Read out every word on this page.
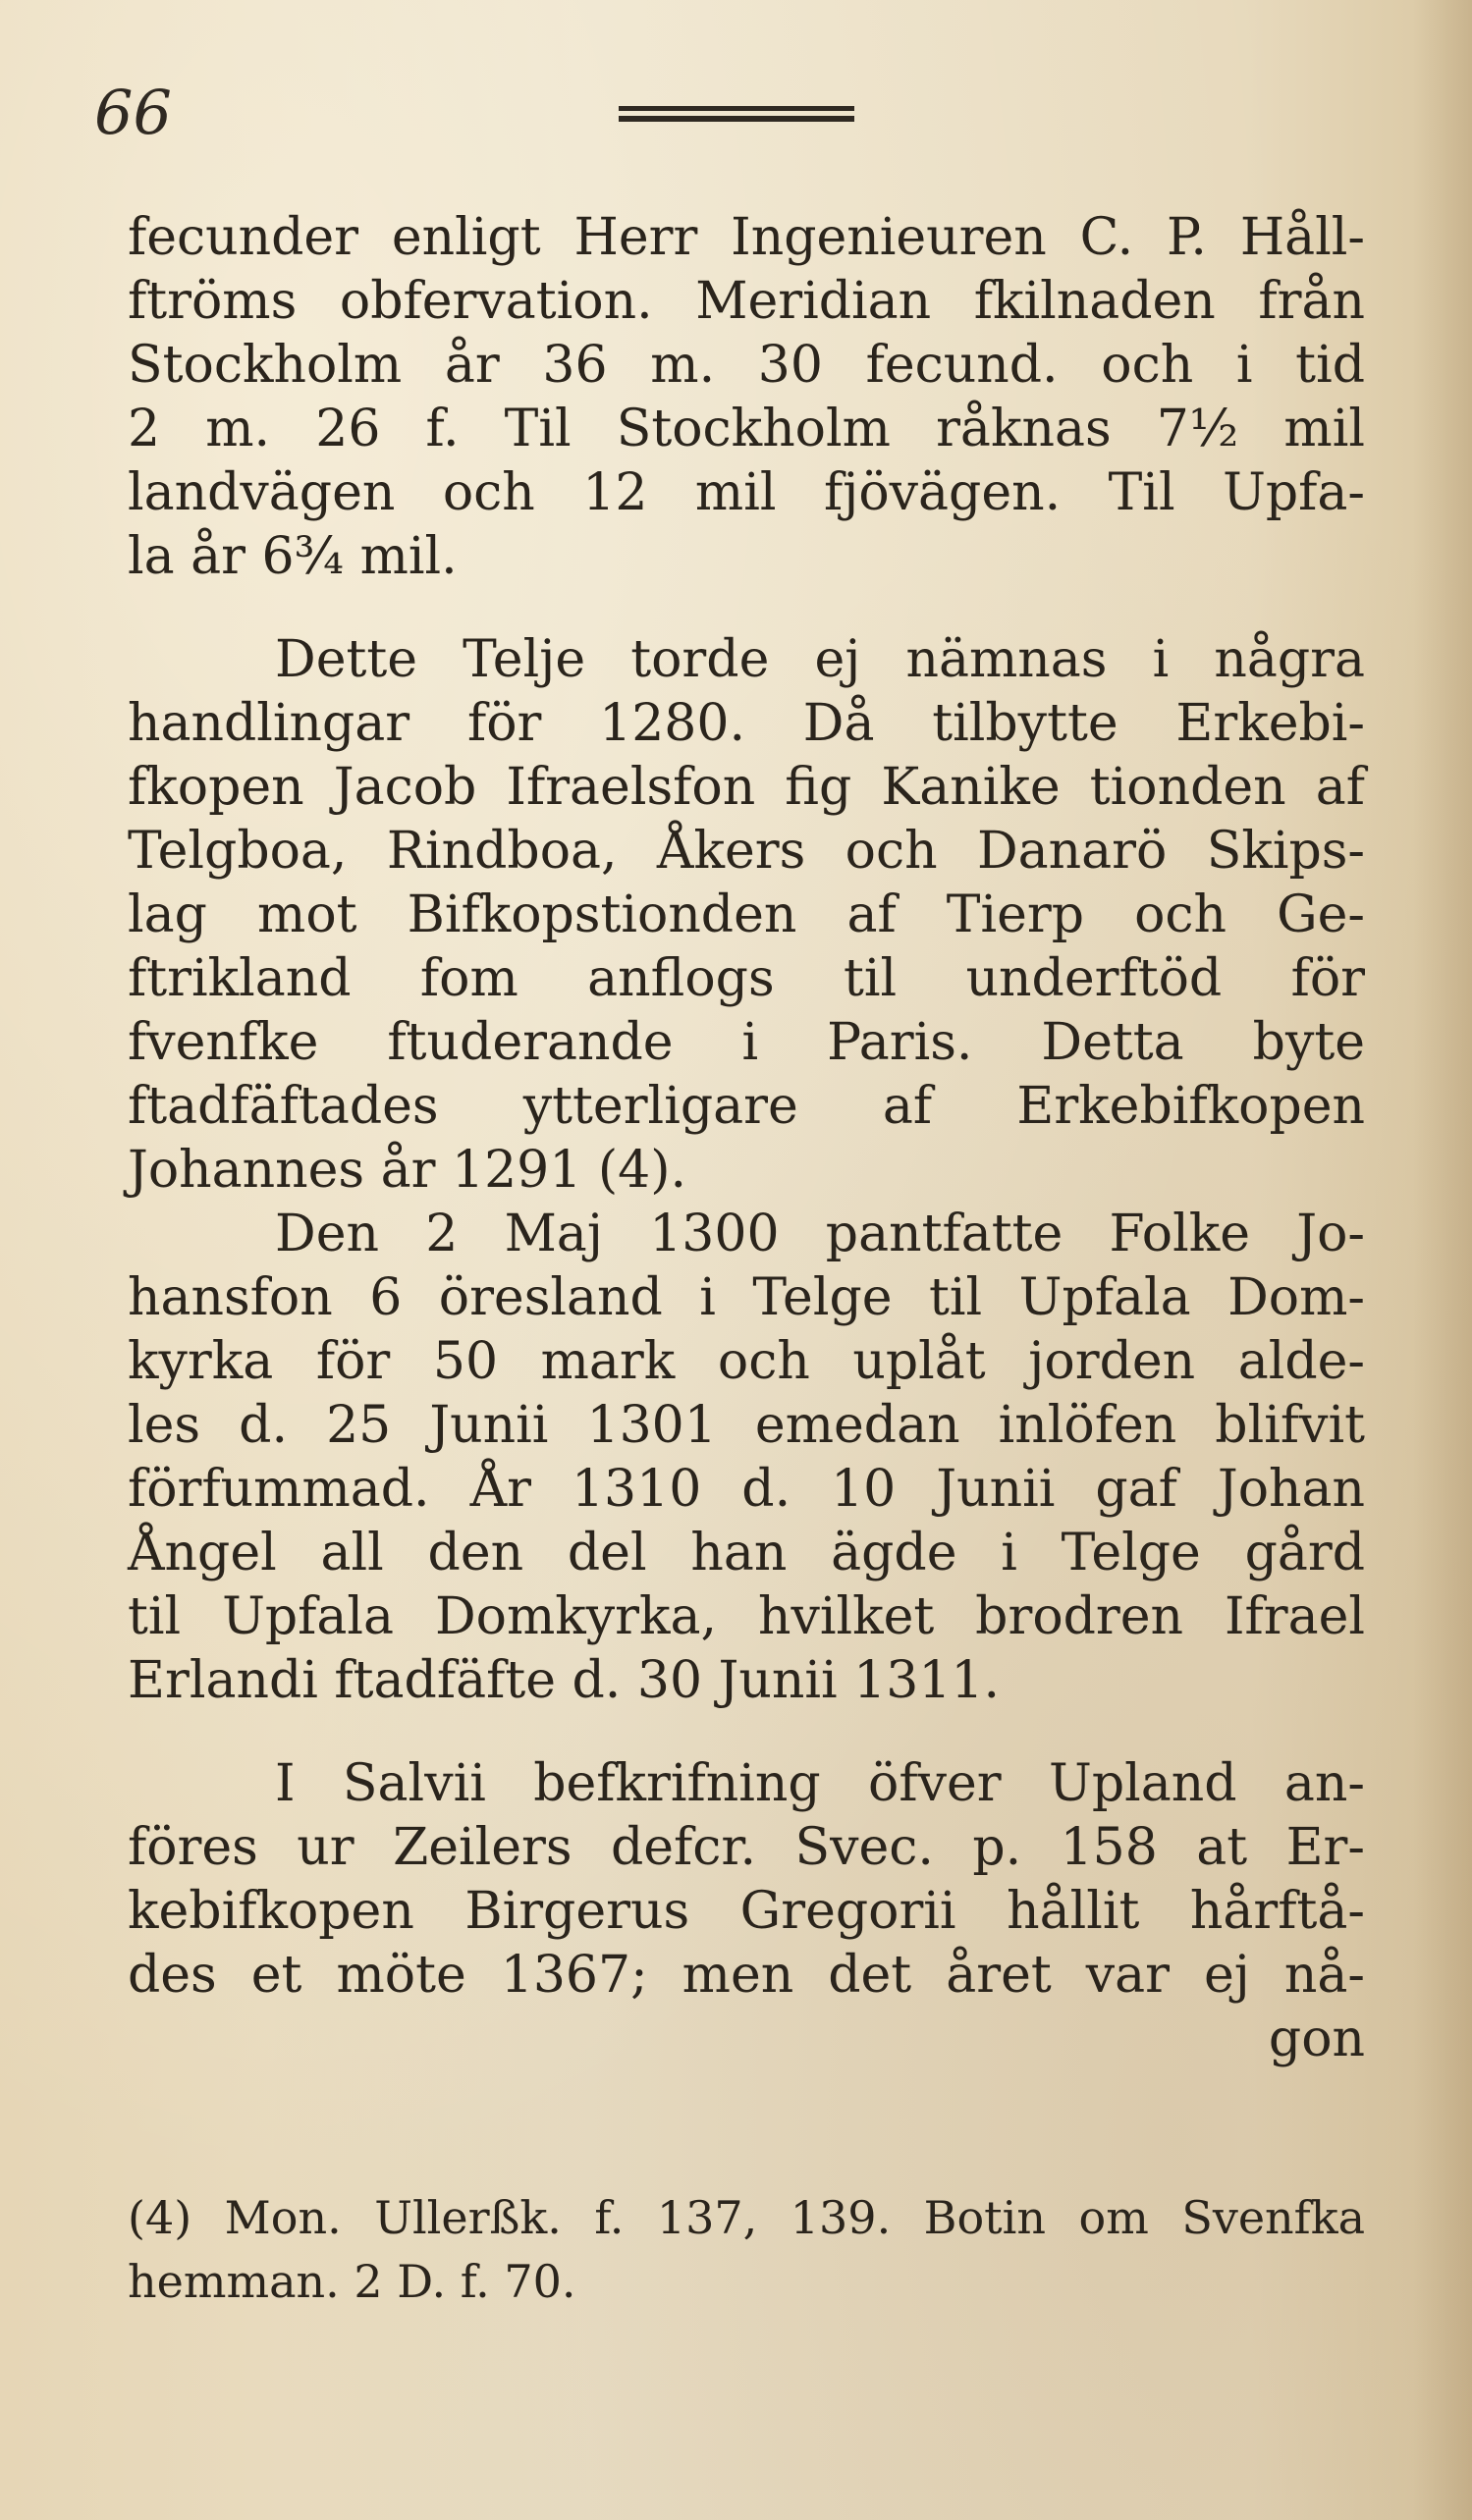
66
fecunder enligt Herr Ingenieuren C. P. Håll-
ftröms obfervation. Meridian fkilnaden från
Stockholm år 36 m. 30 fecund. och i tid
2 m. 26 f. Til Stockholm råknas 7½ mil
landvägen och 12 mil fjövägen. Til Upfa-
la år 6¾ mil.
Dette Telje torde ej nämnas i några
handlingar för 1280. Då tilbytte Erkebi-
fkopen Jacob Ifraelsfon fig Kanike tionden af
Telgboa, Rindboa, Åkers och Danarö Skips-
lag mot Bifkopstionden af Tierp och Ge-
ftrikland fom anflogs til underftöd för
fvenfke ftuderande i Paris. Detta byte
ftadfäftades ytterligare af Erkebifkopen
Johannes år 1291 (4).
Den 2 Maj 1300 pantfatte Folke Jo-
hansfon 6 öresland i Telge til Upfala Dom-
kyrka för 50 mark och uplåt jorden alde-
les d. 25 Junii 1301 emedan inlöfen blifvit
förfummad. År 1310 d. 10 Junii gaf Johan
Ångel all den del han ägde i Telge gård
til Upfala Domkyrka, hvilket brodren Ifrael
Erlandi ftadfäfte d. 30 Junii 1311.
I Salvii befkrifning öfver Upland an-
föres ur Zeilers defcr. Svec. p. 158 at Er-
kebifkopen Birgerus Gregorii hållit hårftå-
des et möte 1367; men det året var ej nå-
gon
(4) Mon. Ullerßk. f. 137, 139. Botin om Svenfka
hemman. 2 D. f. 70.
